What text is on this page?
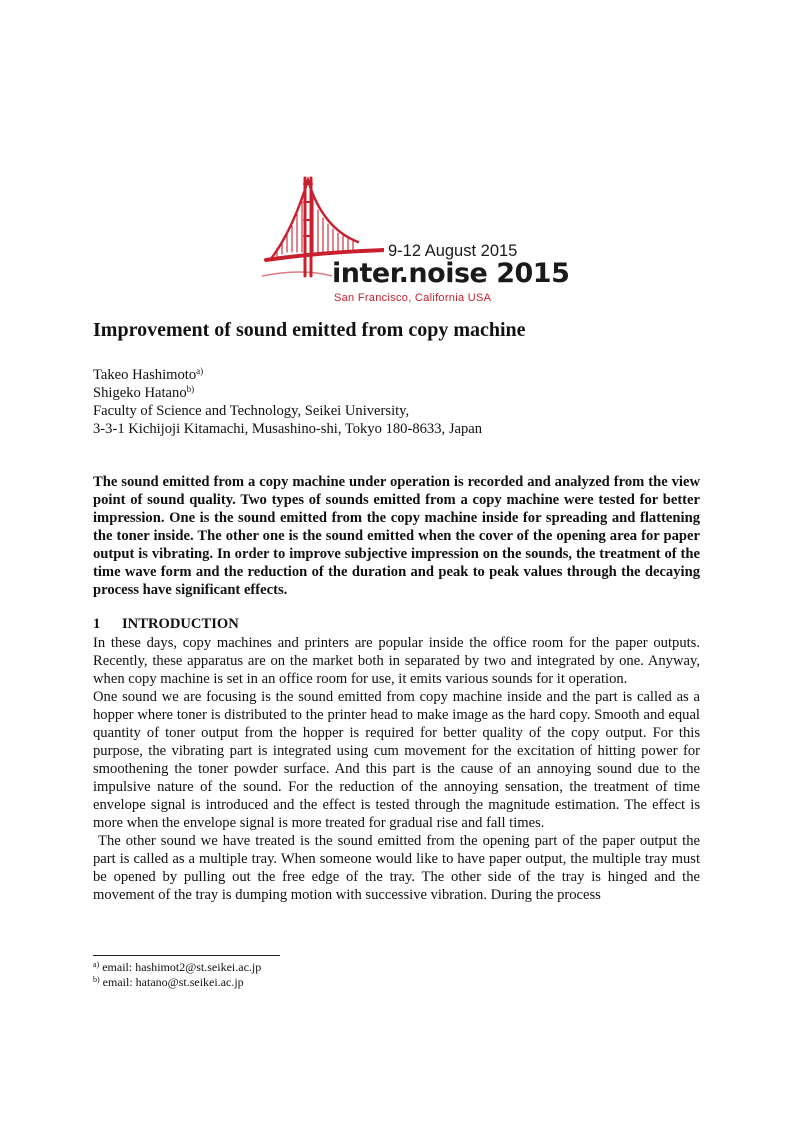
9-12 August 2015
inter.noise 2015
San Francisco, California USA
Improvement of sound emitted from copy machine
Takeo Hashimoto$^{a)}$
Shigeko Hatano$^{b)}$
Faculty of Science and Technology, Seikei University,
3-3-1 Kichijoji Kitamachi, Musashino-shi, Tokyo 180-8633, Japan

The sound emitted from a copy machine under operation is recorded and analyzed from the view point of sound quality. Two types of sounds emitted from a copy machine were tested for better impression. One is the sound emitted from the copy machine inside for spreading and flattening the toner inside. The other one is the sound emitted when the cover of the opening area for paper output is vibrating. In order to improve subjective impression on the sounds, the treatment of the time wave form and the reduction of the duration and peak to peak values through the decaying process have significant effects.

1 INTRODUCTION

In these days, copy machines and printers are popular inside the office room for the paper outputs. Recently, these apparatus are on the market both in separated by two and integrated by one. Anyway, when copy machine is set in an office room for use, it emits various sounds for it operation.

One sound we are focusing is the sound emitted from copy machine inside and the part is called as a hopper where toner is distributed to the printer head to make image as the hard copy. Smooth and equal quantity of toner output from the hopper is required for better quality of the copy output. For this purpose, the vibrating part is integrated using cum movement for the excitation of hitting power for smoothening the toner powder surface. And this part is the cause of an annoying sound due to the impulsive nature of the sound. For the reduction of the annoying sensation, the treatment of time envelope signal is introduced and the effect is tested through the magnitude estimation. The effect is more when the envelope signal is more treated for gradual rise and fall times.

The other sound we have treated is the sound emitted from the opening part of the paper output the part is called as a multiple tray. When someone would like to have paper output, the multiple tray must be opened by pulling out the free edge of the tray. The other side of the tray is hinged and the movement of the tray is dumping motion with successive vibration. During the process

$^{a)}$ email: hashimot2@st.seikei.ac.jp
$^{b)}$ email: hatano@st.seikei.ac.jp
